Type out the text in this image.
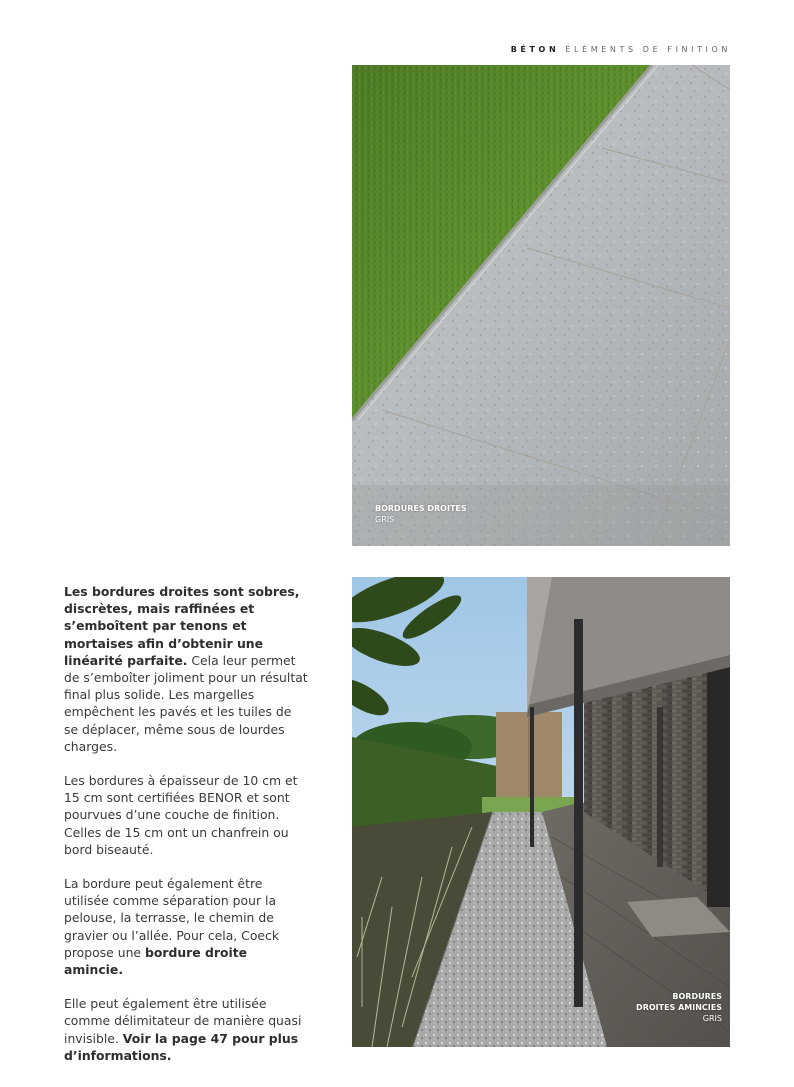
BÉTON ÉLÉMENTS DE FINITION
BORDURES DROITES
GRIS
BORDURES
DROITES AMINCIES
GRIS

Les bordures droites sont sobres, discrètes, mais raffinées et s’emboîtent par tenons et mortaises afin d’obtenir une linéarité parfaite. Cela leur permet de s’emboîter joliment pour un résultat final plus solide. Les margelles empêchent les pavés et les tuiles de se déplacer, même sous de lourdes charges.

Les bordures à épaisseur de 10 cm et 15 cm sont certifiées BENOR et sont pourvues d’une couche de finition. Celles de 15 cm ont un chanfrein ou bord biseauté.

La bordure peut également être utilisée comme séparation pour la pelouse, la terrasse, le chemin de gravier ou l’allée. Pour cela, Coeck propose une bordure droite amincie.

Elle peut également être utilisée comme délimitateur de manière quasi invisible. Voir la page 47 pour plus d’informations.
